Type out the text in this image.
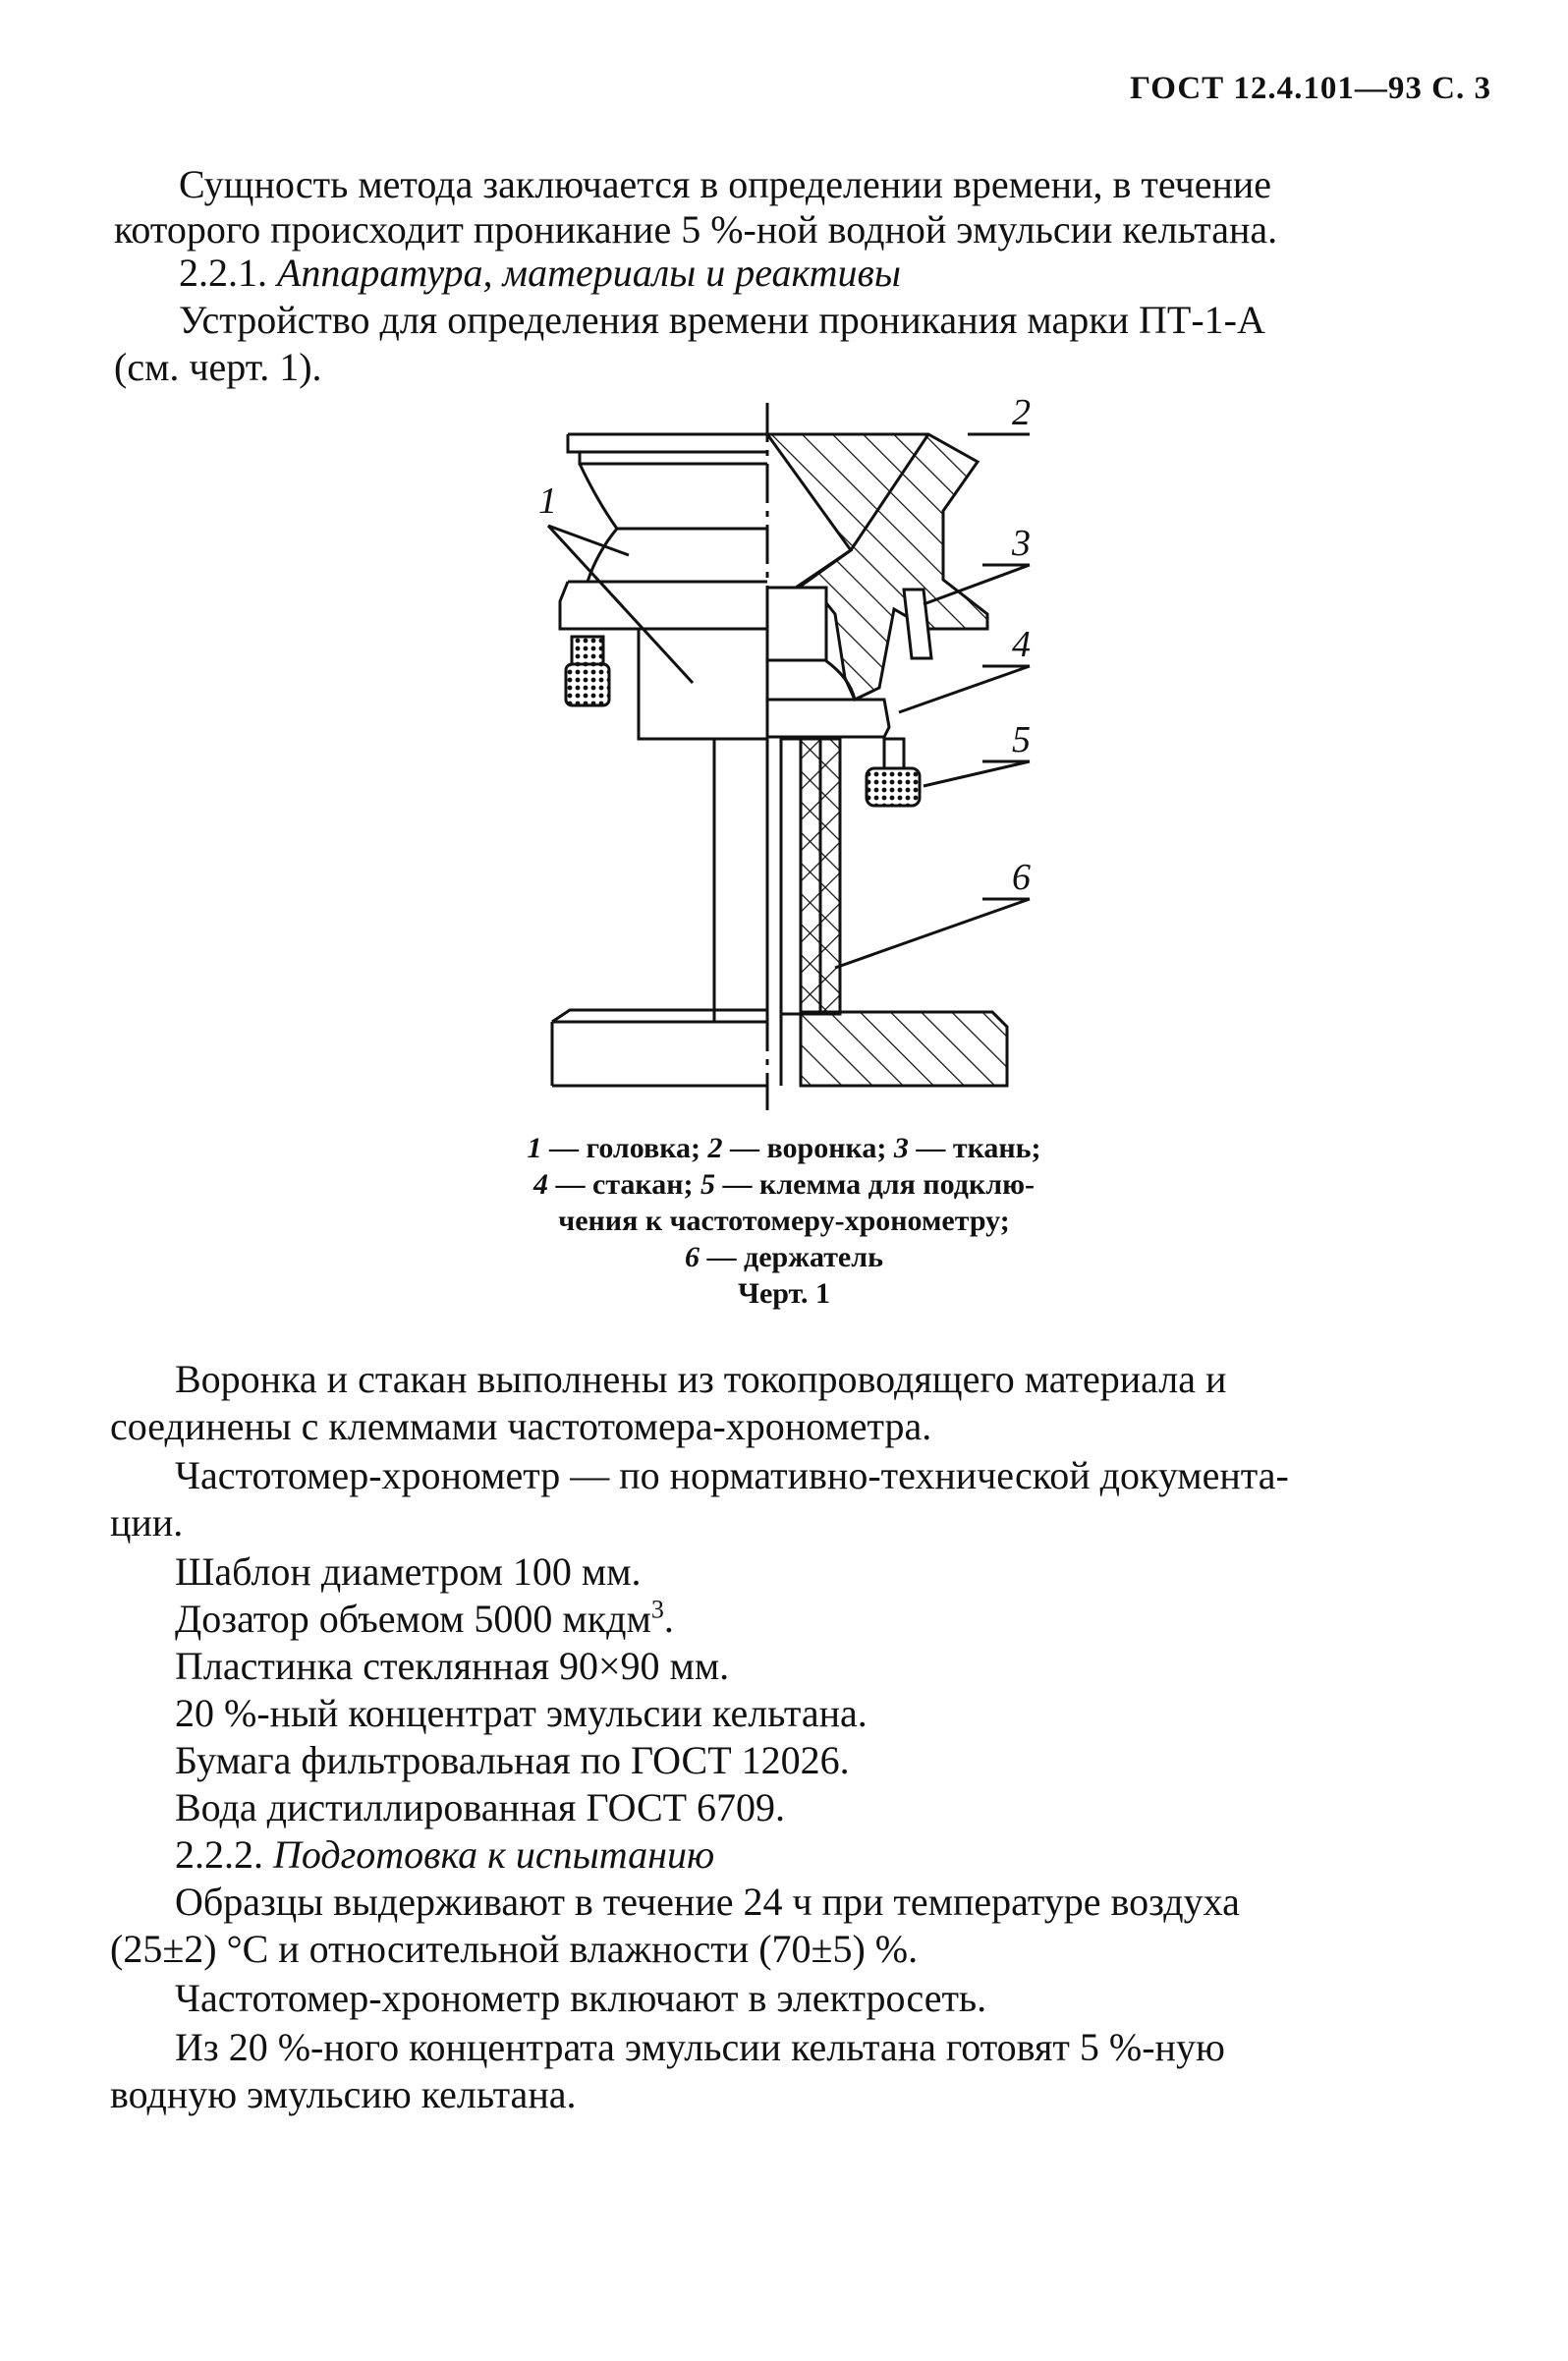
ГОСТ 12.4.101—93 С. 3
Сущность метода заключается в определении времени, в течение
которого происходит проникание 5 %-ной водной эмульсии кельтана.
2.2.1. Аппаратура, материалы и реактивы
Устройство для определения времени проникания марки ПТ-1-А
(см. черт. 1).
1
2
3
4
5
6
1 — головка; 2 — воронка; 3 — ткань;
4 — стакан; 5 — клемма для подклю-
чения к частотомеру-хронометру;
6 — держатель
Черт. 1
Воронка и стакан выполнены из токопроводящего материала и
соединены с клеммами частотомера-хронометра.
Частотомер-хронометр — по нормативно-технической документа-
ции.
Шаблон диаметром 100 мм.
Дозатор объемом 5000 мкдм$^3$.
Пластинка стеклянная 90×90 мм.
20 %-ный концентрат эмульсии кельтана.
Бумага фильтровальная по ГОСТ 12026.
Вода дистиллированная ГОСТ 6709.
2.2.2. Подготовка к испытанию
Образцы выдерживают в течение 24 ч при температуре воздуха
(25±2) °С и относительной влажности (70±5) %.
Частотомер-хронометр включают в электросеть.
Из 20 %-ного концентрата эмульсии кельтана готовят 5 %-ную
водную эмульсию кельтана.
